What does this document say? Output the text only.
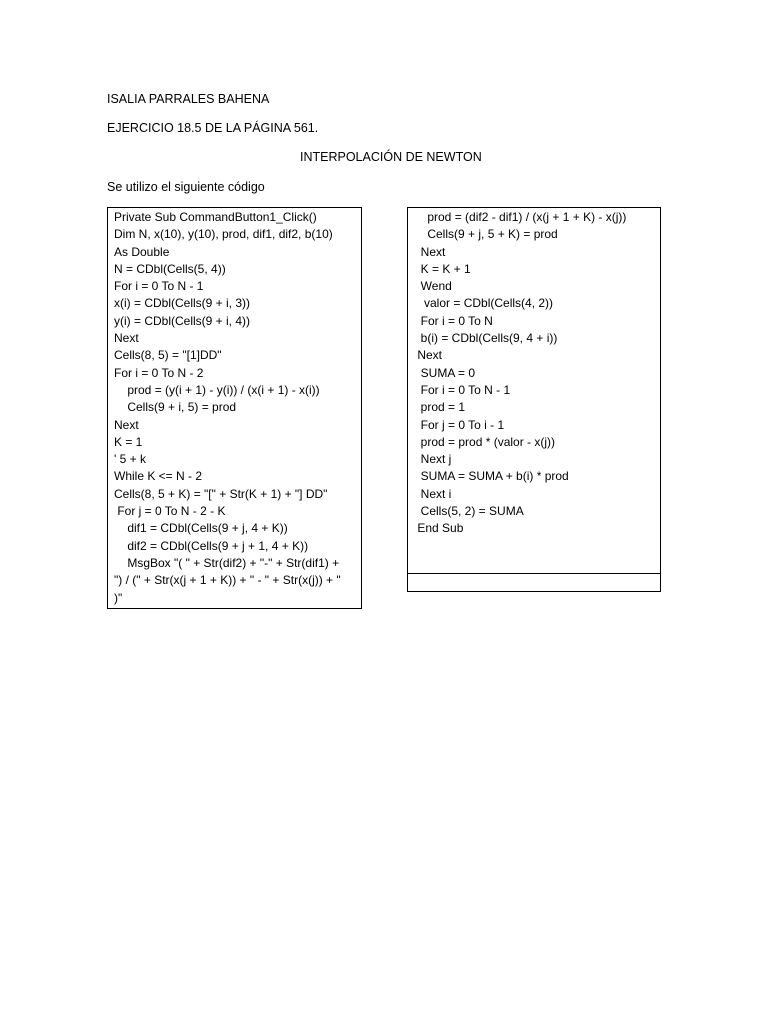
ISALIA PARRALES BAHENA
EJERCICIO 18.5 DE LA PÁGINA 561.
INTERPOLACIÓN DE NEWTON
Se utilizo el siguiente código
Private Sub CommandButton1_Click()
Dim N, x(10), y(10), prod, dif1, dif2, b(10)
As Double
N = CDbl(Cells(5, 4))
For i = 0 To N - 1
x(i) = CDbl(Cells(9 + i, 3))
y(i) = CDbl(Cells(9 + i, 4))
Next
Cells(8, 5) = "[1]DD"
For i = 0 To N - 2
prod = (y(i + 1) - y(i)) / (x(i + 1) - x(i))
Cells(9 + i, 5) = prod
Next
K = 1
' 5 + k
While K <= N - 2
Cells(8, 5 + K) = "[" + Str(K + 1) + "] DD"
For j = 0 To N - 2 - K
dif1 = CDbl(Cells(9 + j, 4 + K))
dif2 = CDbl(Cells(9 + j + 1, 4 + K))
MsgBox "( " + Str(dif2) + "-" + Str(dif1) +
") / (" + Str(x(j + 1 + K)) + " - " + Str(x(j)) + "
)"
prod = (dif2 - dif1) / (x(j + 1 + K) - x(j))
Cells(9 + j, 5 + K) = prod
Next
K = K + 1
Wend
valor = CDbl(Cells(4, 2))
For i = 0 To N
b(i) = CDbl(Cells(9, 4 + i))
Next
SUMA = 0
For i = 0 To N - 1
prod = 1
For j = 0 To i - 1
prod = prod * (valor - x(j))
Next j
SUMA = SUMA + b(i) * prod
Next i
Cells(5, 2) = SUMA
End Sub
